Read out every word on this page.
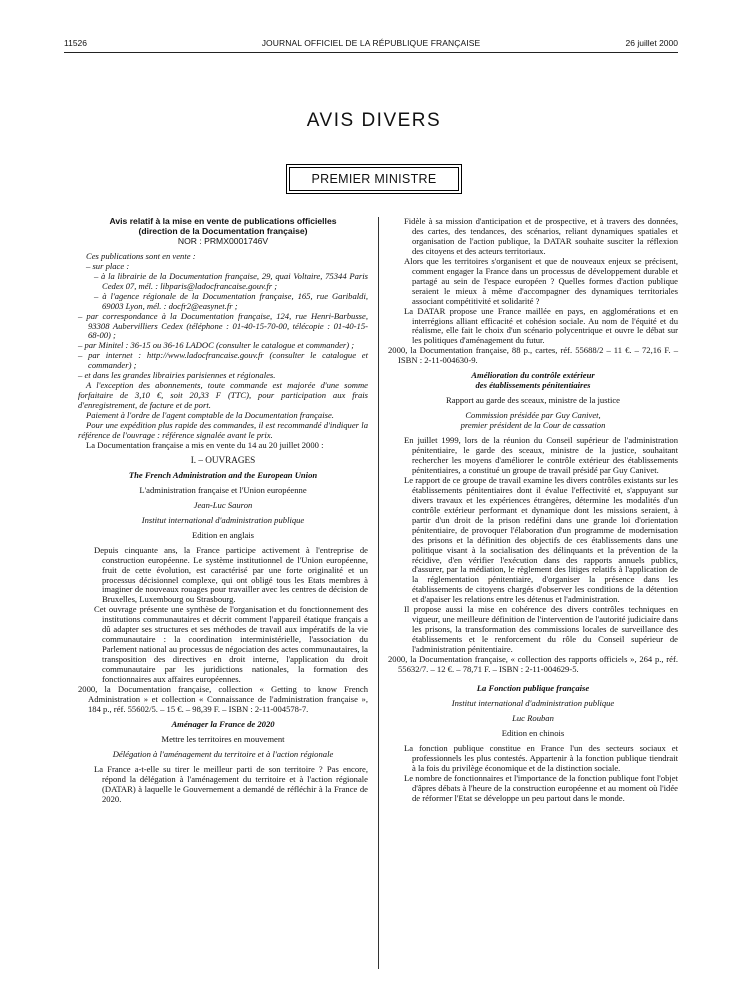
11526	JOURNAL OFFICIEL DE LA RÉPUBLIQUE FRANÇAISE	26 juillet 2000
AVIS DIVERS
PREMIER MINISTRE

Avis relatif à la mise en vente de publications officielles

(direction de la Documentation française)

NOR : PRMX0001746V

Ces publications sont en vente :

– sur place :

– à la librairie de la Documentation française, 29, quai Voltaire, 75344 Paris Cedex 07, mél. : libparis@ladocfrancaise.gouv.fr ;

– à l'agence régionale de la Documentation française, 165, rue Garibaldi, 69003 Lyon, mél. : docfr2@easynet.fr ;

– par correspondance à la Documentation française, 124, rue Henri-Barbusse, 93308 Aubervilliers Cedex (téléphone : 01-40-15-70-00, télécopie : 01-40-15-68-00) ;

– par Minitel : 36-15 ou 36-16 LADOC (consulter le catalogue et commander) ;

– par internet : http://www.ladocfrancaise.gouv.fr (consulter le catalogue et commander) ;

– et dans les grandes librairies parisiennes et régionales.

A l'exception des abonnements, toute commande est majorée d'une somme forfaitaire de 3,10 €, soit 20,33 F (TTC), pour participation aux frais d'enregistrement, de facture et de port.

Paiement à l'ordre de l'agent comptable de la Documentation française.

Pour une expédition plus rapide des commandes, il est recommandé d'indiquer la référence de l'ouvrage : référence signalée avant le prix.

La Documentation française a mis en vente du 14 au 20 juillet 2000 :

I. – OUVRAGES

The French Administration and the European Union

L'administration française et l'Union européenne

Jean-Luc Sauron

Institut international d'administration publique

Edition en anglais

Depuis cinquante ans, la France participe activement à l'entreprise de construction européenne. Le système institutionnel de l'Union européenne, fruit de cette évolution, est caractérisé par une forte originalité et un processus décisionnel complexe, qui ont obligé tous les Etats membres à imaginer de nouveaux rouages pour travailler avec les centres de décision de Bruxelles, Luxembourg ou Strasbourg.

Cet ouvrage présente une synthèse de l'organisation et du fonctionnement des institutions communautaires et décrit comment l'appareil étatique français a dû adapter ses structures et ses méthodes de travail aux impératifs de la vie communautaire : la coordination interministérielle, l'association du Parlement national au processus de négociation des actes communautaires, la transposition des directives en droit interne, l'application du droit communautaire par les juridictions nationales, la formation des fonctionnaires aux affaires européennes.

2000, la Documentation française, collection « Getting to know French Administration » et collection « Connaissance de l'administration française », 184 p., réf. 55602/5. – 15 €. – 98,39 F. – ISBN : 2-11-004578-7.

Aménager la France de 2020

Mettre les territoires en mouvement

Délégation à l'aménagement du territoire et à l'action régionale

La France a-t-elle su tirer le meilleur parti de son territoire ? Pas encore, répond la délégation à l'aménagement du territoire et à l'action régionale (DATAR) à laquelle le Gouvernement a demandé de réfléchir à la France de 2020.

Fidèle à sa mission d'anticipation et de prospective, et à travers des données, des cartes, des tendances, des scénarios, reliant dynamiques spatiales et organisation de l'action publique, la DATAR souhaite susciter la réflexion des citoyens et des acteurs territoriaux.

Alors que les territoires s'organisent et que de nouveaux enjeux se précisent, comment engager la France dans un processus de développement durable et partagé au sein de l'espace européen ? Quelles formes d'action publique seraient le mieux à même d'accompagner des dynamiques territoriales associant compétitivité et solidarité ?

La DATAR propose une France maillée en pays, en agglomérations et en interrégions alliant efficacité et cohésion sociale. Au nom de l'équité et du réalisme, elle fait le choix d'un scénario polycentrique et ouvre le débat sur les politiques d'aménagement du futur.

2000, la Documentation française, 88 p., cartes, réf. 55688/2 – 11 €. – 72,16 F. – ISBN : 2-11-004630-9.

Amélioration du contrôle extérieur

des établissements pénitentiaires

Rapport au garde des sceaux, ministre de la justice

Commission présidée par Guy Canivet,

premier président de la Cour de cassation

En juillet 1999, lors de la réunion du Conseil supérieur de l'administration pénitentiaire, le garde des sceaux, ministre de la justice, souhaitant rechercher les moyens d'améliorer le contrôle extérieur des établissements pénitentiaires, a constitué un groupe de travail présidé par Guy Canivet.

Le rapport de ce groupe de travail examine les divers contrôles existants sur les établissements pénitentiaires dont il évalue l'effectivité et, s'appuyant sur divers travaux et les expériences étrangères, détermine les modalités d'un contrôle extérieur performant et dynamique dont les missions seraient, à partir d'un droit de la prison redéfini dans une grande loi d'orientation pénitentiaire, de provoquer l'élaboration d'un programme de modernisation des prisons et la définition des objectifs de ces établissements dans une politique visant à la socialisation des délinquants et la prévention de la récidive, d'en vérifier l'exécution dans des rapports annuels publics, d'assurer, par la médiation, le règlement des litiges relatifs à l'application de la réglementation pénitentiaire, d'organiser la présence dans les établissements de citoyens chargés d'observer les conditions de la détention et d'apaiser les relations entre les détenus et l'administration.

Il propose aussi la mise en cohérence des divers contrôles techniques en vigueur, une meilleure définition de l'intervention de l'autorité judiciaire dans les prisons, la transformation des commissions locales de surveillance des établissements et le renforcement du rôle du Conseil supérieur de l'administration pénitentiaire.

2000, la Documentation française, « collection des rapports officiels », 264 p., réf. 55632/7. – 12 €. – 78,71 F. – ISBN : 2-11-004629-5.

La Fonction publique française

Institut international d'administration publique

Luc Rouban

Edition en chinois

La fonction publique constitue en France l'un des secteurs sociaux et professionnels les plus contestés. Appartenir à la fonction publique tiendrait à la fois du privilège économique et de la distinction sociale.

Le nombre de fonctionnaires et l'importance de la fonction publique font l'objet d'âpres débats à l'heure de la construction européenne et au moment où l'idée de réformer l'Etat se développe un peu partout dans le monde.
